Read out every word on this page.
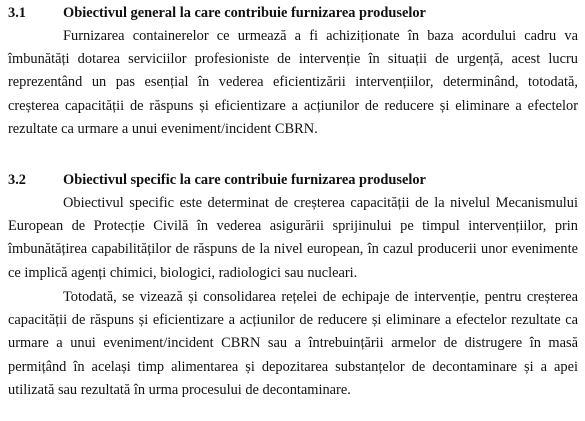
3.1	Obiectivul general la care contribuie furnizarea produselor

Furnizarea containerelor ce urmează a fi achiziționate în baza acordului cadru va îmbunătăți dotarea serviciilor profesioniste de intervenție în situații de urgență, acest lucru reprezentând un pas esențial în vederea eficientizării intervențiilor, determinând, totodată, creșterea capacității de răspuns și eficientizare a acțiunilor de reducere și eliminare a efectelor rezultate ca urmare a unui eveniment/incident CBRN.

3.2	Obiectivul specific la care contribuie furnizarea produselor

Obiectivul specific este determinat de creșterea capacității de la nivelul Mecanismului European de Protecție Civilă în vederea asigurării sprijinului pe timpul intervențiilor, prin îmbunătățirea capabilităților de răspuns de la nivel european, în cazul producerii unor evenimente ce implică agenți chimici, biologici, radiologici sau nucleari.

Totodată, se vizează și consolidarea rețelei de echipaje de intervenție, pentru creșterea capacității de răspuns și eficientizare a acțiunilor de reducere și eliminare a efectelor rezultate ca urmare a unui eveniment/incident CBRN sau a întrebuințării armelor de distrugere în masă permițând în același timp alimentarea și depozitarea substanțelor de decontaminare și a apei utilizată sau rezultată în urma procesului de decontaminare.
